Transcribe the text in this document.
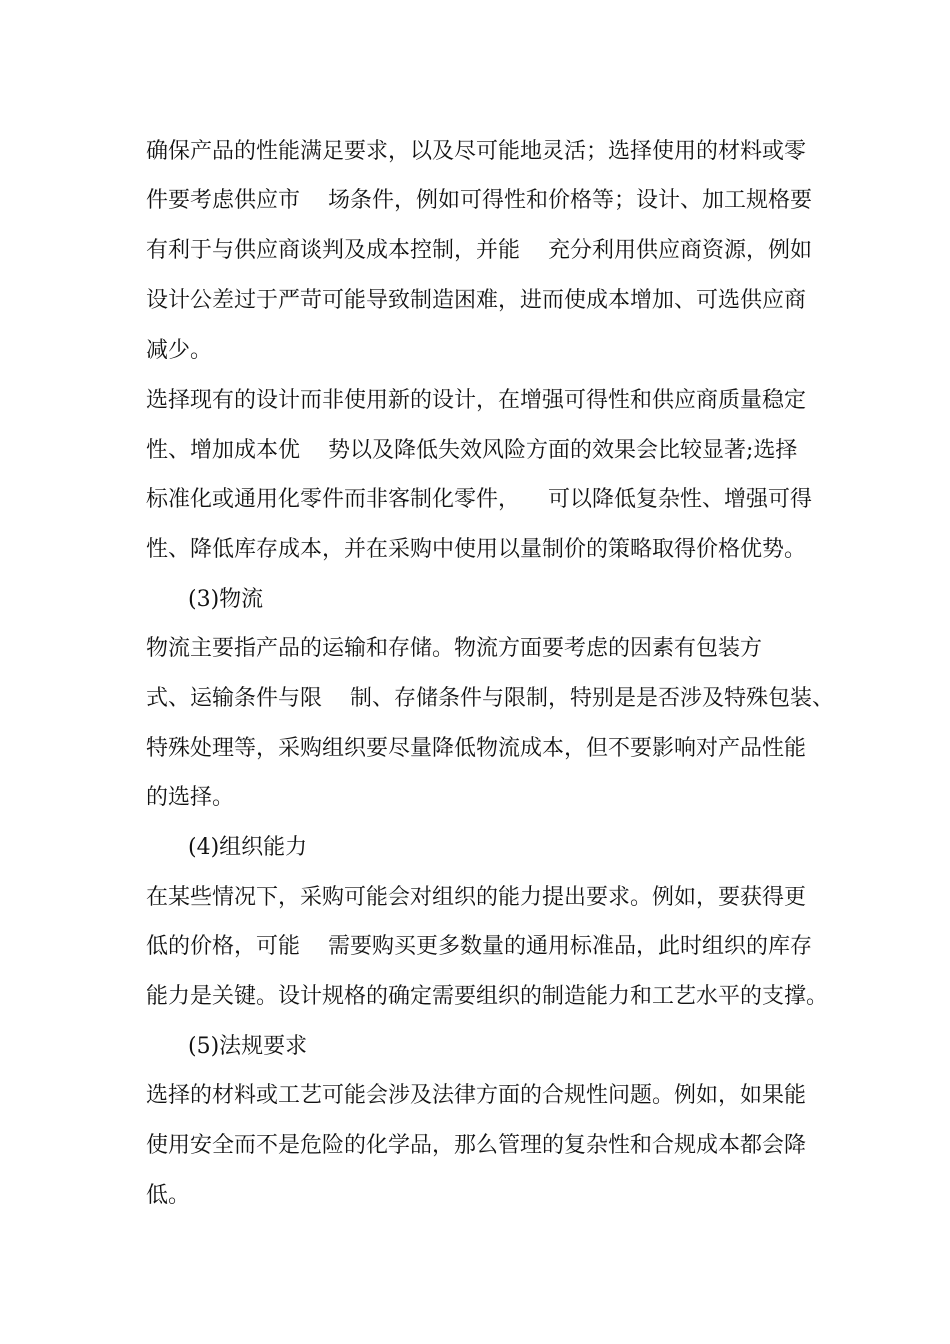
确保产品的性能满足要求，以及尽可能地灵活；选择使用的材料或零
件要考虑供应市    场条件，例如可得性和价格等；设计、加工规格要
有利于与供应商谈判及成本控制，并能    充分利用供应商资源，例如
设计公差过于严苛可能导致制造困难，进而使成本增加、可选供应商
减少。
选择现有的设计而非使用新的设计，在增强可得性和供应商质量稳定
性、增加成本优    势以及降低失效风险方面的效果会比较显著;选择
标准化或通用化零件而非客制化零件，    可以降低复杂性、增强可得
性、降低库存成本，并在采购中使用以量制价的策略取得价格优势。
(3)物流
物流主要指产品的运输和存储。物流方面要考虑的因素有包装方
式、运输条件与限    制、存储条件与限制，特别是是否涉及特殊包装、
特殊处理等，采购组织要尽量降低物流成本，但不要影响对产品性能
的选择。
(4)组织能力
在某些情况下，采购可能会对组织的能力提出要求。例如，要获得更
低的价格，可能    需要购买更多数量的通用标准品，此时组织的库存
能力是关键。设计规格的确定需要组织的制造能力和工艺水平的支撑。
(5)法规要求
选择的材料或工艺可能会涉及法律方面的合规性问题。例如，如果能
使用安全而不是危险的化学品，那么管理的复杂性和合规成本都会降
低。
